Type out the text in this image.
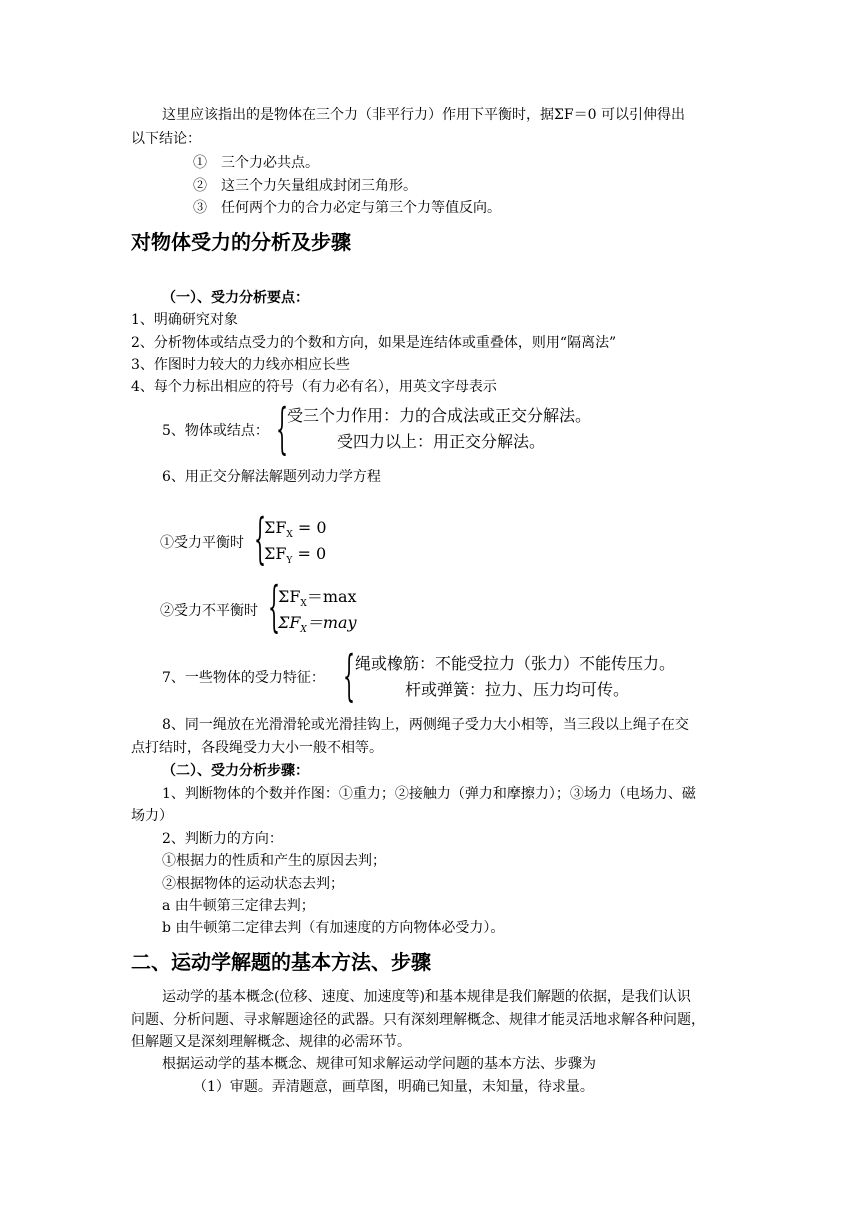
这里应该指出的是物体在三个力（非平行力）作用下平衡时，据ΣF＝0 可以引伸得出
以下结论：
①　三个力必共点。
②　这三个力矢量组成封闭三角形。
③　任何两个力的合力必定与第三个力等值反向。
对物体受力的分析及步骤
（一）、受力分析要点：
1、明确研究对象
2、分析物体或结点受力的个数和方向，如果是连结体或重叠体，则用“隔离法”
3、作图时力较大的力线亦相应长些
4、每个力标出相应的符号（有力必有名），用英文字母表示
5、物体或结点： {
受三个力作用：力的合成法或正交分解法。
受四力以上：用正交分解法。
6、用正交分解法解题列动力学方程
①受力平衡时 {
$\Sigma F_X = 0$
$\Sigma F_Y = 0$
②受力不平衡时 {
$\Sigma F_X=\max$
$\Sigma F_X=may$
7、一些物体的受力特征： { 绳或橡筋：不能受拉力（张力）不能传压力。
杆或弹簧：拉力、压力均可传。
8、同一绳放在光滑滑轮或光滑挂钩上，两侧绳子受力大小相等，当三段以上绳子在交
点打结时，各段绳受力大小一般不相等。
（二）、受力分析步骤：
1、判断物体的个数并作图：①重力；②接触力（弹力和摩擦力）；③场力（电场力、磁
场力）
2、判断力的方向：
①根据力的性质和产生的原因去判；
②根据物体的运动状态去判；
a 由牛顿第三定律去判；
b 由牛顿第二定律去判（有加速度的方向物体必受力）。
二、运动学解题的基本方法、步骤
运动学的基本概念(位移、速度、加速度等)和基本规律是我们解题的依据，是我们认识
问题、分析问题、寻求解题途径的武器。只有深刻理解概念、规律才能灵活地求解各种问题，
但解题又是深刻理解概念、规律的必需环节。
根据运动学的基本概念、规律可知求解运动学问题的基本方法、步骤为
（1）审题。弄清题意，画草图，明确已知量，未知量，待求量。
